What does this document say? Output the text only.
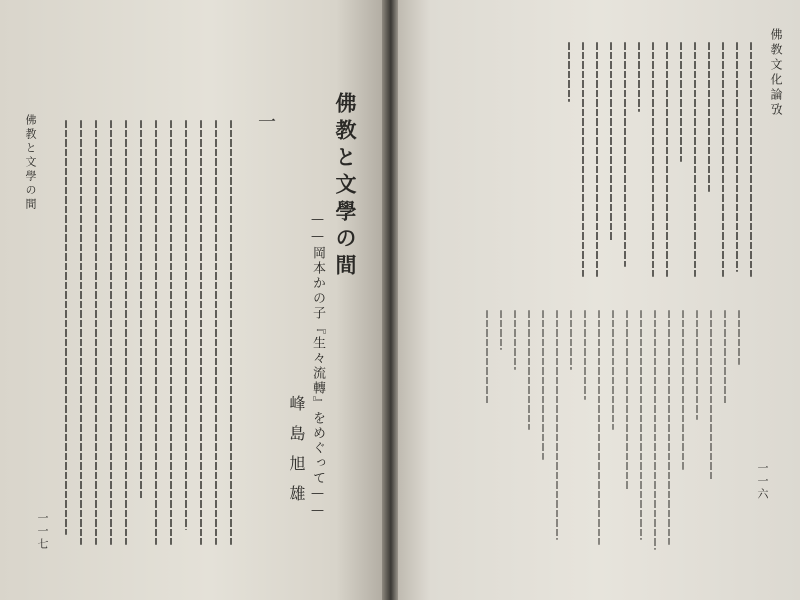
佛教と文學の間
——岡本かの子『生々流轉』をめぐって——
峰島旭雄
一
佛教と文學の間
一一七
佛教文化論攷
一一六
